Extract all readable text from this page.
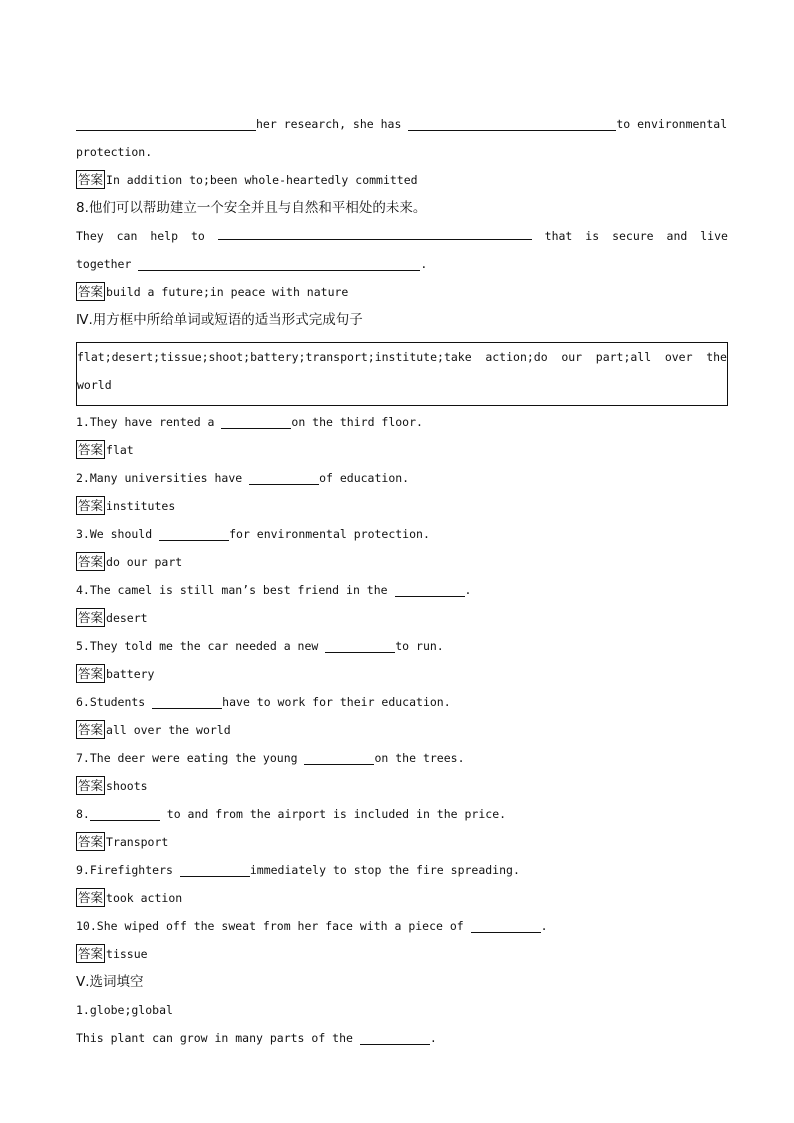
her research, she has	to environmental
protection.
答案 In addition to;been whole-heartedly committed
8.他们可以帮助建立一个安全并且与自然和平相处的未来。
They can help to	that is secure and live
together	.
答案 build a future;in peace with nature
Ⅳ.用方框中所给单词或短语的适当形式完成句子
flat;desert;tissue;shoot;battery;transport;institute;take action;do our part;all over the
world
1.They have rented a	on the third floor.
答案 flat
2.Many universities have	of education.
答案 institutes
3.We should	for environmental protection.
答案 do our part
4.The camel is still man’s best friend in the	.
答案 desert
5.They told me the car needed a new	to run.
答案 battery
6.Students	have to work for their education.
答案 all over the world
7.The deer were eating the young	on the trees.
答案 shoots
8.	to and from the airport is included in the price.
答案 Transport
9.Firefighters	immediately to stop the fire spreading.
答案 took action
10.She wiped off the sweat from her face with a piece of	.
答案 tissue
Ⅴ.选词填空
1.globe;global
This plant can grow in many parts of the	.
